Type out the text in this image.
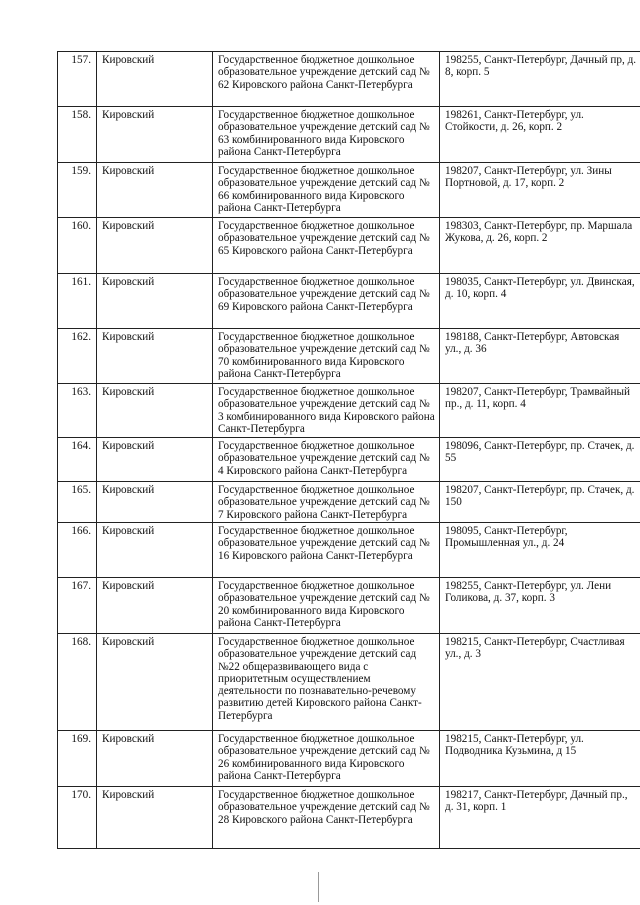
157.	Кировский	Государственное бюджетное дошкольное образовательное учреждение детский сад № 62 Кировского района Санкт-Петербурга	198255, Санкт-Петербург, Дачный пр, д. 8, корп. 5
158.	Кировский	Государственное бюджетное дошкольное образовательное учреждение детский сад № 63 комбинированного вида Кировского района Санкт-Петербурга	198261, Санкт-Петербург, ул. Стойкости, д. 26, корп. 2
159.	Кировский	Государственное бюджетное дошкольное образовательное учреждение детский сад № 66 комбинированного вида Кировского района Санкт-Петербурга	198207, Санкт-Петербург, ул. Зины Портновой, д. 17, корп. 2
160.	Кировский	Государственное бюджетное дошкольное образовательное учреждение детский сад № 65 Кировского района Санкт-Петербурга	198303, Санкт-Петербург, пр. Маршала Жукова, д. 26, корп. 2
161.	Кировский	Государственное бюджетное дошкольное образовательное учреждение детский сад № 69 Кировского района Санкт-Петербурга	198035, Санкт-Петербург, ул. Двинская, д. 10, корп. 4
162.	Кировский	Государственное бюджетное дошкольное образовательное учреждение детский сад № 70 комбинированного вида Кировского района Санкт-Петербурга	198188, Санкт-Петербург, Автовская ул., д. 36
163.	Кировский	Государственное бюджетное дошкольное образовательное учреждение детский сад № 3 комбинированного вида Кировского района Санкт-Петербурга	198207, Санкт-Петербург, Трамвайный пр., д. 11, корп. 4
164.	Кировский	Государственное бюджетное дошкольное образовательное учреждение детский сад № 4 Кировского района Санкт-Петербурга	198096, Санкт-Петербург, пр. Стачек, д. 55
165.	Кировский	Государственное бюджетное дошкольное образовательное учреждение детский сад № 7 Кировского района Санкт-Петербурга	198207, Санкт-Петербург, пр. Стачек, д. 150
166.	Кировский	Государственное бюджетное дошкольное образовательное учреждение детский сад № 16 Кировского района Санкт-Петербурга	198095, Санкт-Петербург, Промышленная ул., д. 24
167.	Кировский	Государственное бюджетное дошкольное образовательное учреждение детский сад № 20 комбинированного вида Кировского района Санкт-Петербурга	198255, Санкт-Петербург, ул. Лени Голикова, д. 37, корп. 3
168.	Кировский	Государственное бюджетное дошкольное образовательное учреждение детский сад №22 общеразвивающего вида с приоритетным осуществлением деятельности по познавательно-речевому развитию детей Кировского района Санкт-Петербурга	198215, Санкт-Петербург, Счастливая ул., д. 3
169.	Кировский	Государственное бюджетное дошкольное образовательное учреждение детский сад № 26 комбинированного вида Кировского района Санкт-Петербурга	198215, Санкт-Петербург, ул. Подводника Кузьмина, д 15
170.	Кировский	Государственное бюджетное дошкольное образовательное учреждение детский сад № 28 Кировского района Санкт-Петербурга	198217, Санкт-Петербург, Дачный пр., д. 31, корп. 1
